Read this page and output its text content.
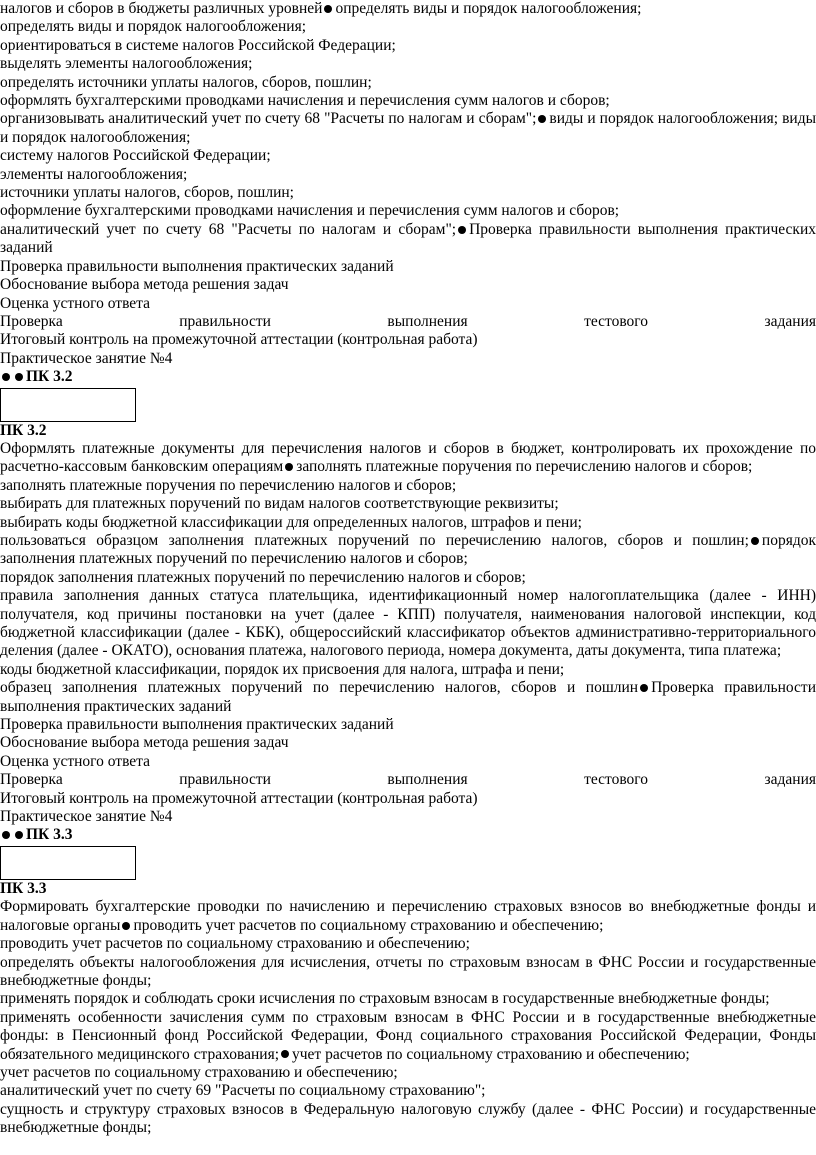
налогов и сборов в бюджеты различных уровней определять виды и порядок налогообложения;
определять виды и порядок налогообложения;
ориентироваться в системе налогов Российской Федерации;
выделять элементы налогообложения;
определять источники уплаты налогов, сборов, пошлин;
оформлять бухгалтерскими проводками начисления и перечисления сумм налогов и сборов;
организовывать аналитический учет по счету 68 "Расчеты по налогам и сборам"; виды и порядок налогообложения; виды и порядок налогообложения;
систему налогов Российской Федерации;
элементы налогообложения;
источники уплаты налогов, сборов, пошлин;
оформление бухгалтерскими проводками начисления и перечисления сумм налогов и сборов;
аналитический учет по счету 68 "Расчеты по налогам и сборам"; Проверка правильности выполнения практических заданий
Проверка правильности выполнения практических заданий
Обоснование выбора метода решения задач
Оценка устного ответа
Проверка правильности выполнения тестового задания
Итоговый контроль на промежуточной аттестации (контрольная работа)
Практическое занятие №4
ПК 3.2
ПК 3.2
Оформлять платежные документы для перечисления налогов и сборов в бюджет, контролировать их прохождение по расчетно-кассовым банковским операциям заполнять платежные поручения по перечислению налогов и сборов;
заполнять платежные поручения по перечислению налогов и сборов;
выбирать для платежных поручений по видам налогов соответствующие реквизиты;
выбирать коды бюджетной классификации для определенных налогов, штрафов и пени;
пользоваться образцом заполнения платежных поручений по перечислению налогов, сборов и пошлин; порядок заполнения платежных поручений по перечислению налогов и сборов;
порядок заполнения платежных поручений по перечислению налогов и сборов;
правила заполнения данных статуса плательщика, идентификационный номер налогоплательщика (далее - ИНН) получателя, код причины постановки на учет (далее - КПП) получателя, наименования налоговой инспекции, код бюджетной классификации (далее - КБК), общероссийский классификатор объектов административно-территориального деления (далее - ОКАТО), основания платежа, налогового периода, номера документа, даты документа, типа платежа;
коды бюджетной классификации, порядок их присвоения для налога, штрафа и пени;
образец заполнения платежных поручений по перечислению налогов, сборов и пошлин Проверка правильности выполнения практических заданий
Проверка правильности выполнения практических заданий
Обоснование выбора метода решения задач
Оценка устного ответа
Проверка правильности выполнения тестового задания
Итоговый контроль на промежуточной аттестации (контрольная работа)
Практическое занятие №4
ПК 3.3
ПК 3.3
Формировать бухгалтерские проводки по начислению и перечислению страховых взносов во внебюджетные фонды и налоговые органы проводить учет расчетов по социальному страхованию и обеспечению;
проводить учет расчетов по социальному страхованию и обеспечению;
определять объекты налогообложения для исчисления, отчеты по страховым взносам в ФНС России и государственные внебюджетные фонды;
применять порядок и соблюдать сроки исчисления по страховым взносам в государственные внебюджетные фонды;
применять особенности зачисления сумм по страховым взносам в ФНС России и в государственные внебюджетные фонды: в Пенсионный фонд Российской Федерации, Фонд социального страхования Российской Федерации, Фонды обязательного медицинского страхования; учет расчетов по социальному страхованию и обеспечению;
учет расчетов по социальному страхованию и обеспечению;
аналитический учет по счету 69 "Расчеты по социальному страхованию";
сущность и структуру страховых взносов в Федеральную налоговую службу (далее - ФНС России) и государственные внебюджетные фонды;
